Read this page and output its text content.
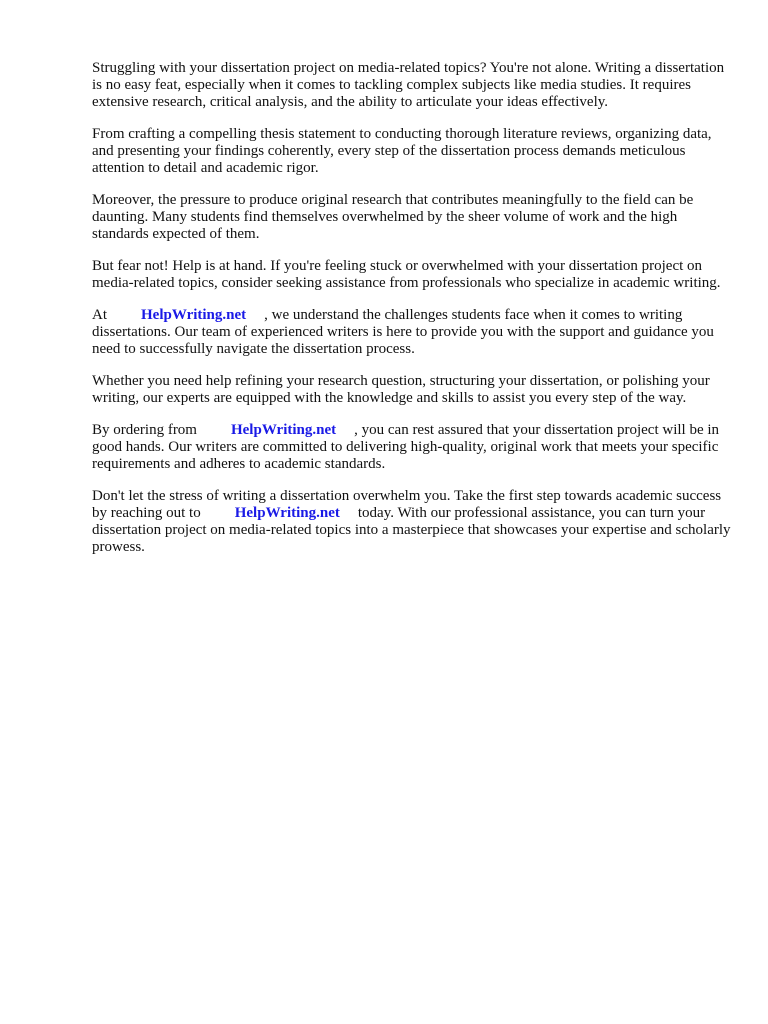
Struggling with your dissertation project on media-related topics? You're not alone. Writing a dissertation is no easy feat, especially when it comes to tackling complex subjects like media studies. It requires extensive research, critical analysis, and the ability to articulate your ideas effectively.

From crafting a compelling thesis statement to conducting thorough literature reviews, organizing data, and presenting your findings coherently, every step of the dissertation process demands meticulous attention to detail and academic rigor.

Moreover, the pressure to produce original research that contributes meaningfully to the field can be daunting. Many students find themselves overwhelmed by the sheer volume of work and the high standards expected of them.

But fear not! Help is at hand. If you're feeling stuck or overwhelmed with your dissertation project on media-related topics, consider seeking assistance from professionals who specialize in academic writing.

At HelpWriting.net , we understand the challenges students face when it comes to writing dissertations. Our team of experienced writers is here to provide you with the support and guidance you need to successfully navigate the dissertation process.

Whether you need help refining your research question, structuring your dissertation, or polishing your writing, our experts are equipped with the knowledge and skills to assist you every step of the way.

By ordering from HelpWriting.net , you can rest assured that your dissertation project will be in good hands. Our writers are committed to delivering high-quality, original work that meets your specific requirements and adheres to academic standards.

Don't let the stress of writing a dissertation overwhelm you. Take the first step towards academic success by reaching out to HelpWriting.net today. With our professional assistance, you can turn your dissertation project on media-related topics into a masterpiece that showcases your expertise and scholarly prowess.
